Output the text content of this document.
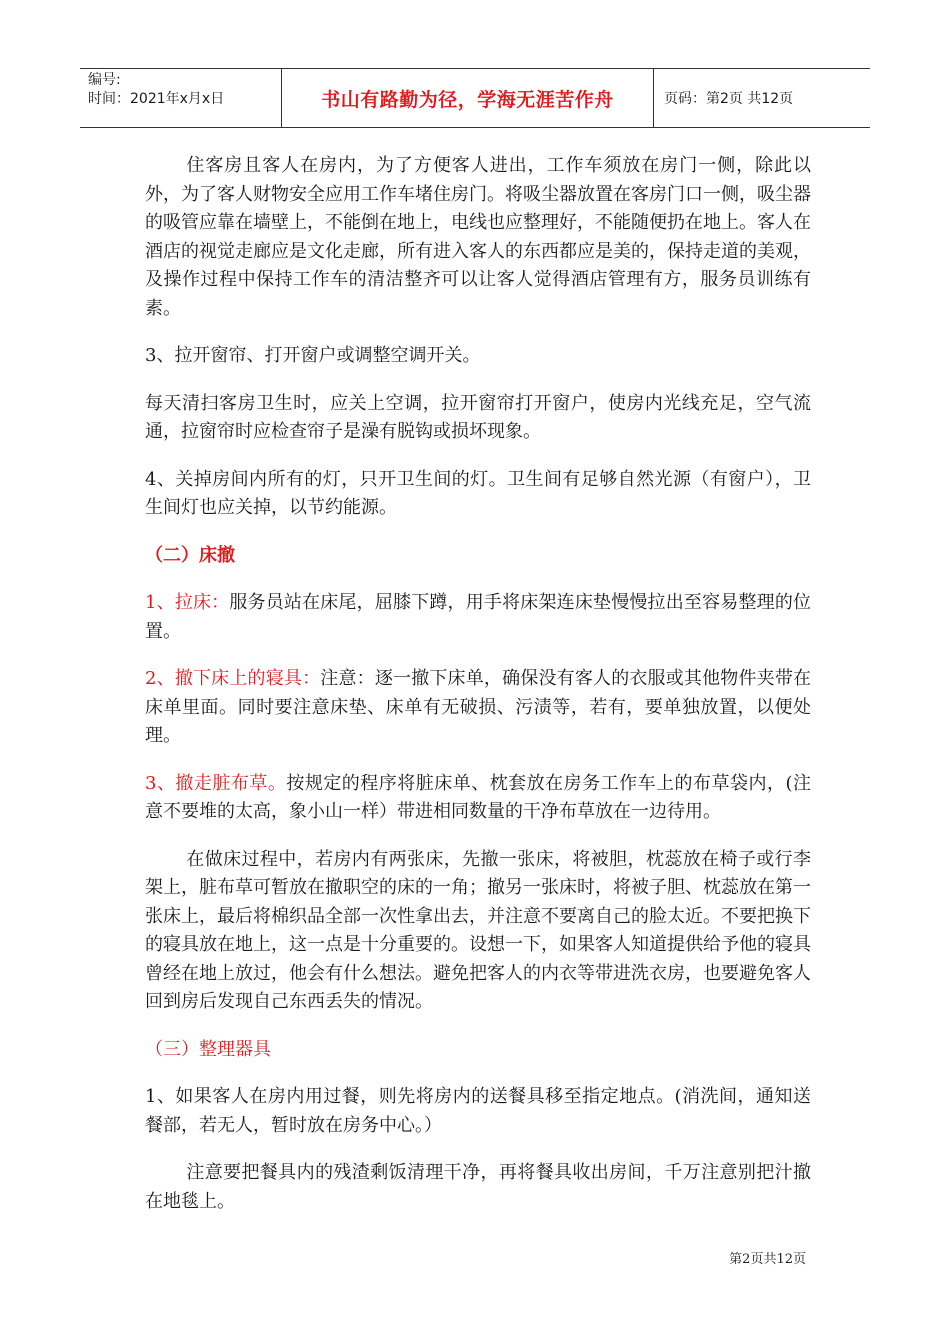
编号:
时间：2021年x月x日	书山有路勤为径，学海无涯苦作舟	页码：第2页 共12页

住客房且客人在房内，为了方便客人进出，工作车须放在房门一侧，除此以外，为了客人财物安全应用工作车堵住房门。将吸尘器放置在客房门口一侧，吸尘器的吸管应靠在墙壁上，不能倒在地上，电线也应整理好，不能随便扔在地上。客人在酒店的视觉走廊应是文化走廊，所有进入客人的东西都应是美的，保持走道的美观，及操作过程中保持工作车的清洁整齐可以让客人觉得酒店管理有方，服务员训练有素。

3、拉开窗帘、打开窗户或调整空调开关。

每天清扫客房卫生时，应关上空调，拉开窗帘打开窗户，使房内光线充足，空气流通，拉窗帘时应检查帘子是澡有脱钩或损坏现象。

4、关掉房间内所有的灯，只开卫生间的灯。卫生间有足够自然光源（有窗户），卫生间灯也应关掉，以节约能源。

（二）床撤

1、拉床：服务员站在床尾，屈膝下蹲，用手将床架连床垫慢慢拉出至容易整理的位置。

2、撤下床上的寝具：注意：逐一撤下床单，确保没有客人的衣服或其他物件夹带在床单里面。同时要注意床垫、床单有无破损、污渍等，若有，要单独放置，以便处理。

3、撤走脏布草。按规定的程序将脏床单、枕套放在房务工作车上的布草袋内，(注意不要堆的太高，象小山一样）带进相同数量的干净布草放在一边待用。

在做床过程中，若房内有两张床，先撤一张床，将被胆，枕蕊放在椅子或行李架上，脏布草可暂放在撤职空的床的一角；撤另一张床时，将被子胆、枕蕊放在第一张床上，最后将棉织品全部一次性拿出去，并注意不要离自己的脸太近。不要把换下的寝具放在地上，这一点是十分重要的。设想一下，如果客人知道提供给予他的寝具曾经在地上放过，他会有什么想法。避免把客人的内衣等带进洗衣房，也要避免客人回到房后发现自己东西丢失的情况。

（三）整理器具

1、如果客人在房内用过餐，则先将房内的送餐具移至指定地点。(消洗间，通知送餐部，若无人，暂时放在房务中心。）

注意要把餐具内的残渣剩饭清理干净，再将餐具收出房间，千万注意别把汁撤在地毯上。

第2页共12页
